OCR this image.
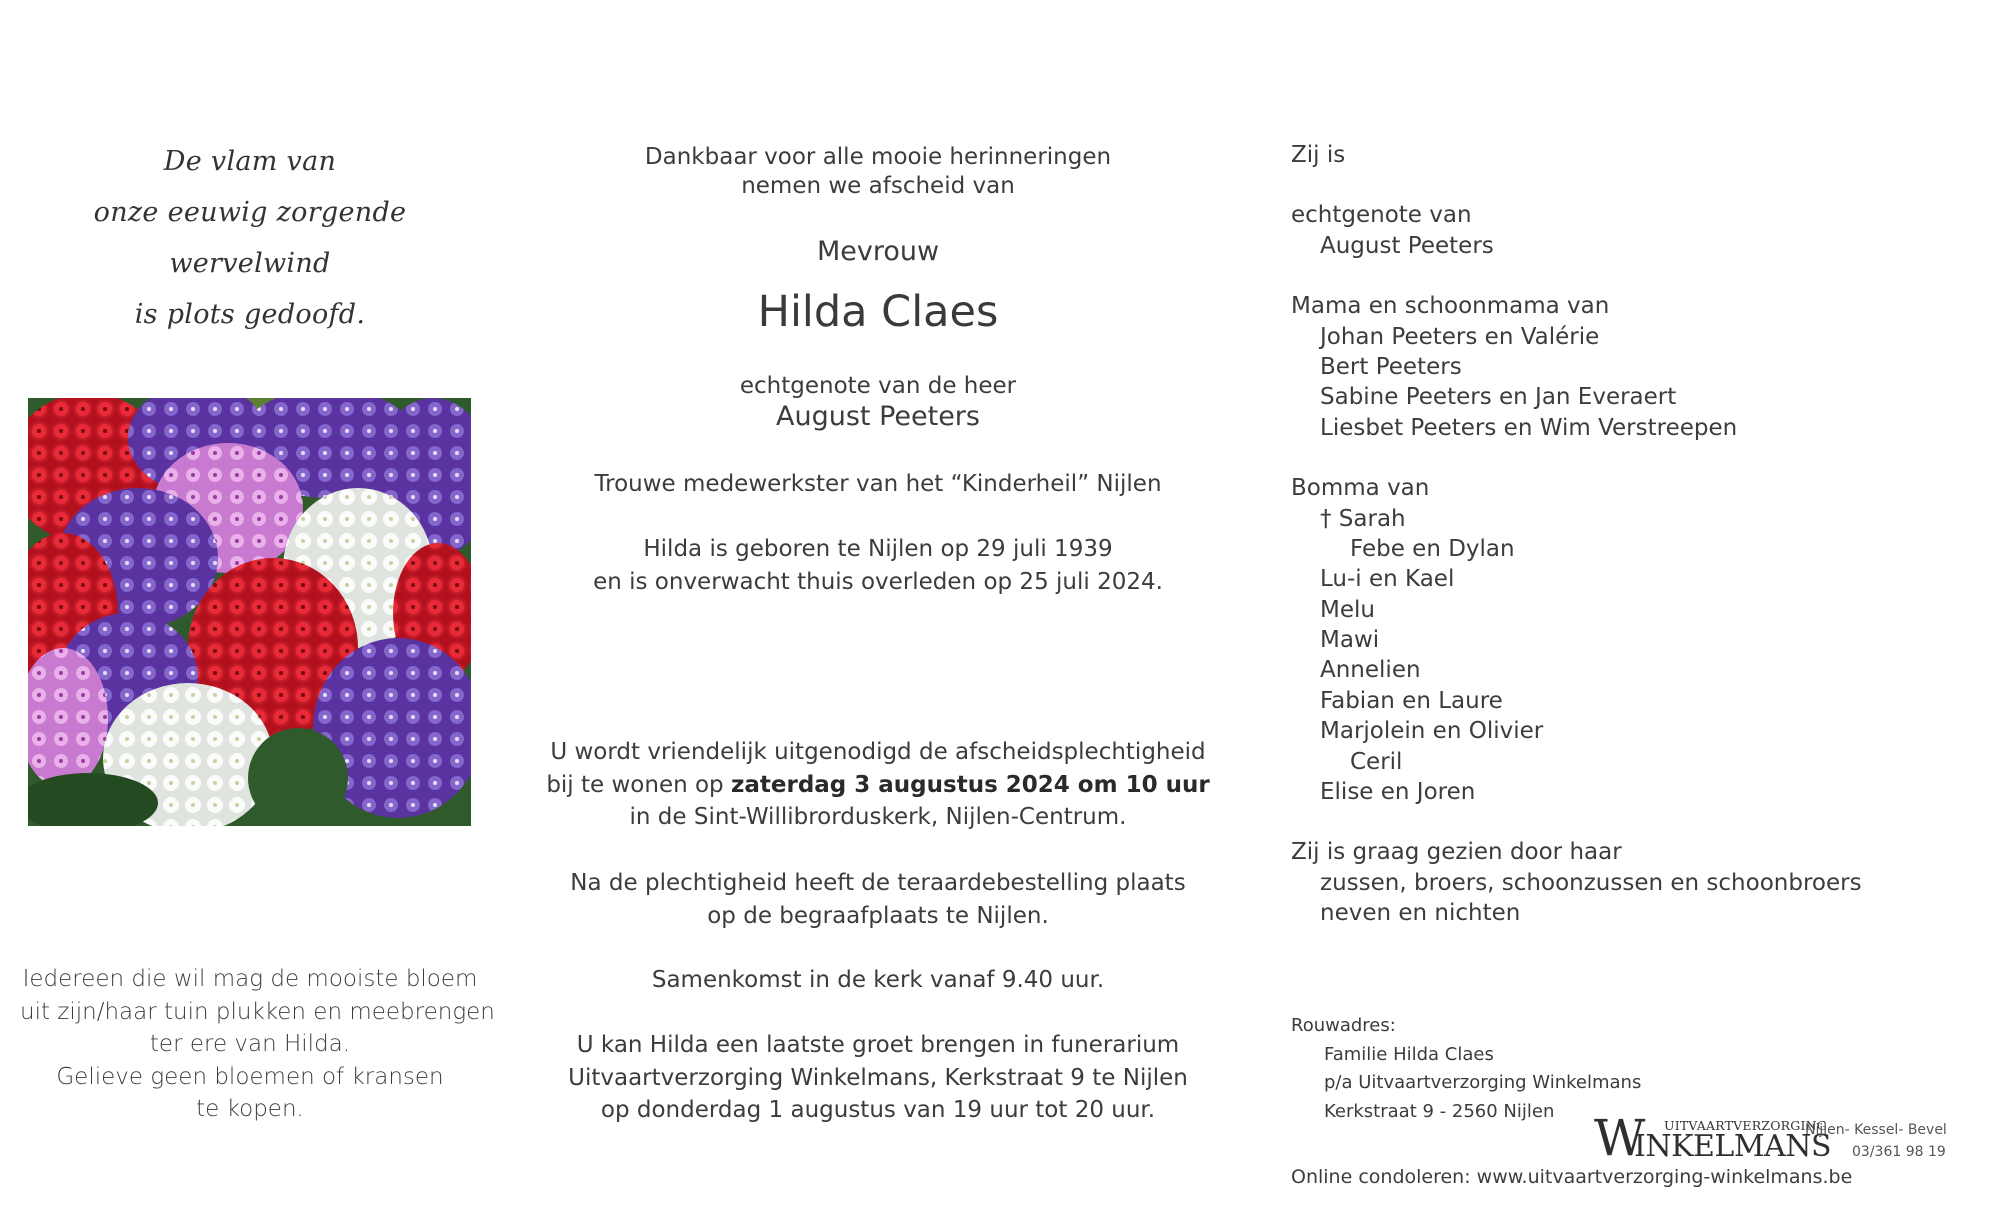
De vlam van
onze eeuwig zorgende
wervelwind
is plots gedoofd.
Iedereen die wil mag de mooiste bloem
uit zijn/haar tuin plukken en meebrengen
ter ere van Hilda.
Gelieve geen bloemen of kransen
te kopen.
Dankbaar voor alle mooie herinneringen
nemen we afscheid van
Mevrouw
Hilda Claes
echtgenote van de heer
August Peeters
Trouwe medewerkster van het “Kinderheil” Nijlen
Hilda is geboren te Nijlen op 29 juli 1939
en is onverwacht thuis overleden op 25 juli 2024.
U wordt vriendelijk uitgenodigd de afscheidsplechtigheid
bij te wonen op zaterdag 3 augustus 2024 om 10 uur
in de Sint-Willibrorduskerk, Nijlen-Centrum.
Na de plechtigheid heeft de teraardebestelling plaats
op de begraafplaats te Nijlen.
Samenkomst in de kerk vanaf 9.40 uur.
U kan Hilda een laatste groet brengen in funerarium
Uitvaartverzorging Winkelmans, Kerkstraat 9 te Nijlen
op donderdag 1 augustus van 19 uur tot 20 uur.
Zij is
echtgenote van
August Peeters
Mama en schoonmama van
Johan Peeters en Valérie
Bert Peeters
Sabine Peeters en Jan Everaert
Liesbet Peeters en Wim Verstreepen
Bomma van
† Sarah
Febe en Dylan
Lu-i en Kael
Melu
Mawi
Annelien
Fabian en Laure
Marjolein en Olivier
Ceril
Elise en Joren
Zij is graag gezien door haar
zussen, broers, schoonzussen en schoonbroers
neven en nichten
Rouwadres:
Familie Hilda Claes
p/a Uitvaartverzorging Winkelmans
Kerkstraat 9 - 2560 Nijlen
Online condoleren: www.uitvaartverzorging-winkelmans.be
W UITVAARTVERZORGING
INKELMANS
Nijlen- Kessel- Bevel
03/361 98 19
